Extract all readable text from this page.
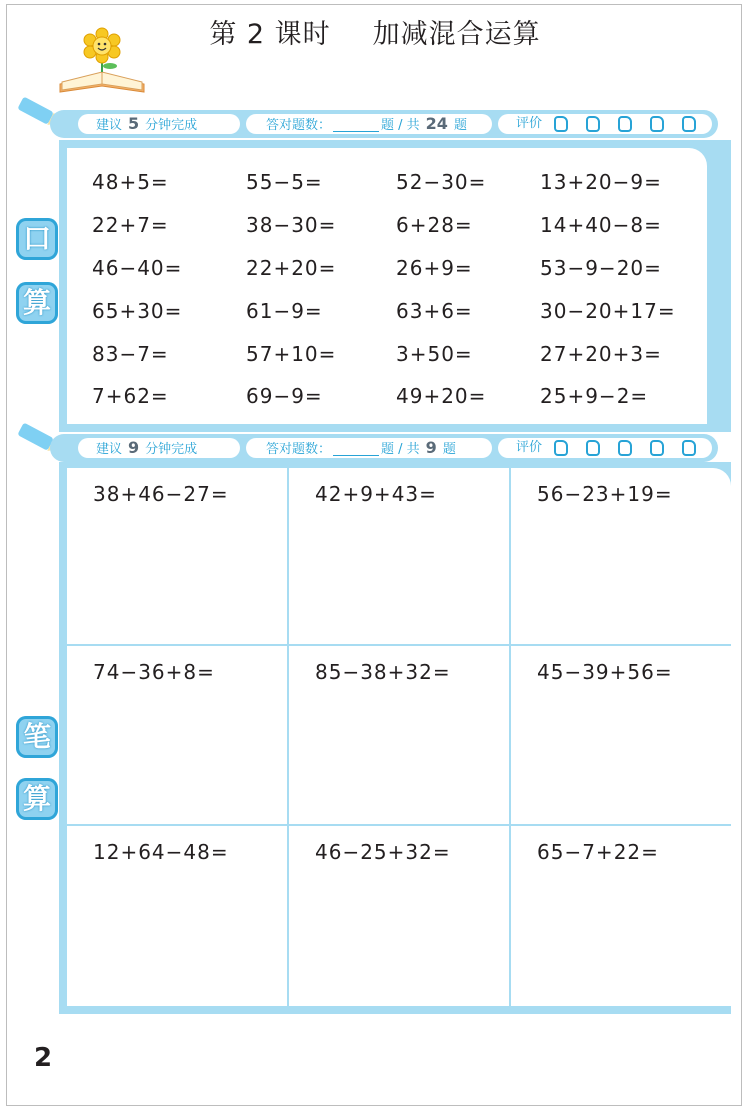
第 2 课时 加减混合运算
建议 5 分钟完成	答对题数：	题 / 共 24 题	评价
48+5=	55−5=	52−30=	13+20−9=
22+7=	38−30=	6+28=	14+40−8=
46−40=	22+20=	26+9=	53−9−20=
65+30=	61−9=	63+6=	30−20+17=
83−7=	57+10=	3+50=	27+20+3=
7+62=	69−9=	49+20=	25+9−2=
口
算
建议 9 分钟完成	答对题数：	题 / 共 9 题	评价
38+46−27=	42+9+43=	56−23+19=
74−36+8=	85−38+32=	45−39+56=
12+64−48=	46−25+32=	65−7+22=
笔
算
2
